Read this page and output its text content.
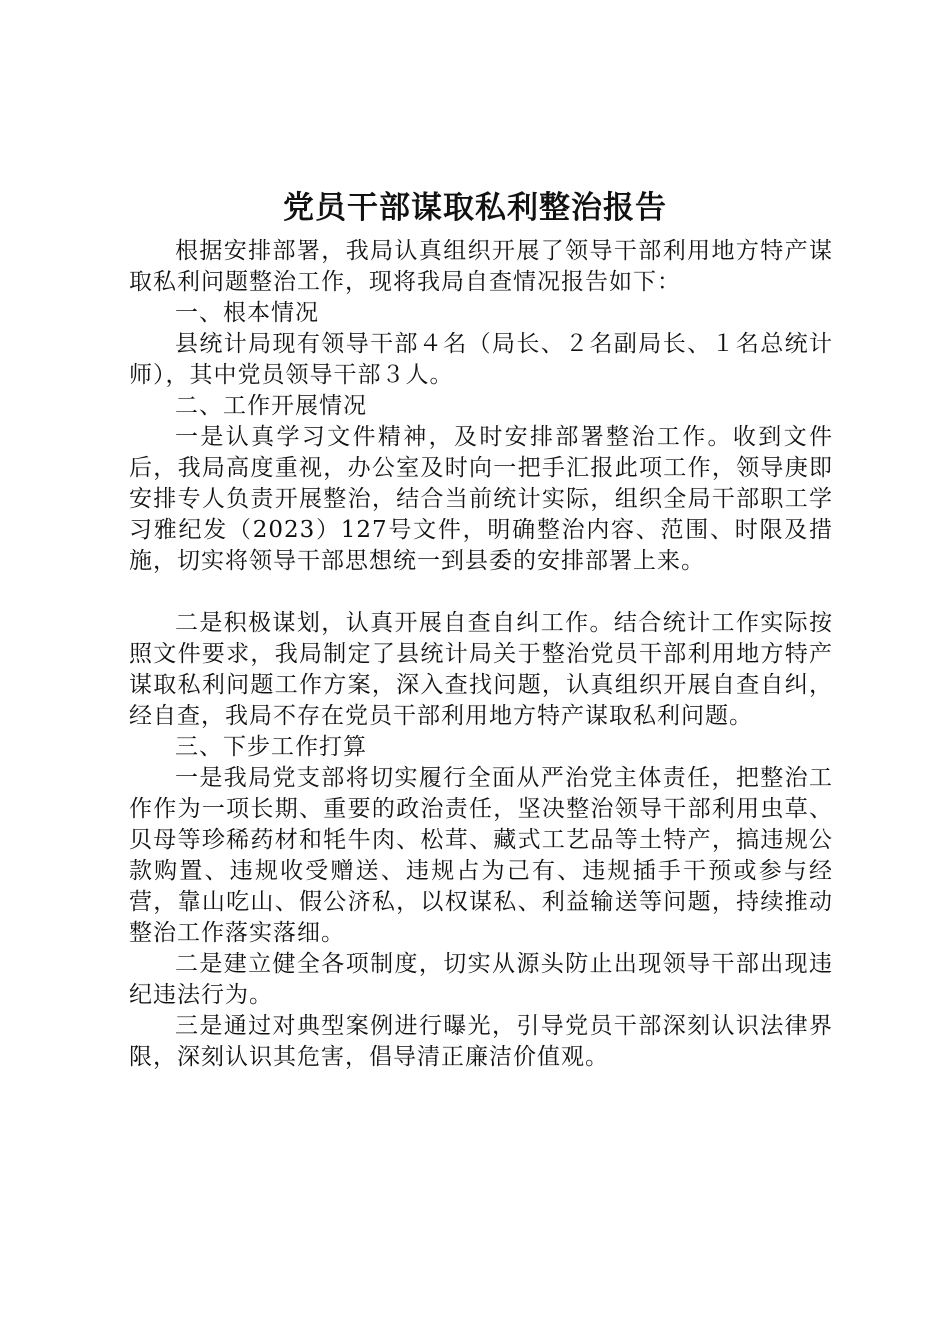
党员干部谋取私利整治报告

根据安排部署，我局认真组织开展了领导干部利用地方特产谋取私利问题整治工作，现将我局自查情况报告如下：

一、根本情况

县统计局现有领导干部４名（局长、２名副局长、１名总统计师），其中党员领导干部３人。

二、工作开展情况

一是认真学习文件精神，及时安排部署整治工作。收到文件后，我局高度重视，办公室及时向一把手汇报此项工作，领导庚即安排专人负责开展整治，结合当前统计实际，组织全局干部职工学习雅纪发（2023）127号文件，明确整治内容、范围、时限及措施，切实将领导干部思想统一到县委的安排部署上来。

二是积极谋划，认真开展自查自纠工作。结合统计工作实际按照文件要求，我局制定了县统计局关于整治党员干部利用地方特产谋取私利问题工作方案，深入查找问题，认真组织开展自查自纠，经自查，我局不存在党员干部利用地方特产谋取私利问题。

三、下步工作打算

一是我局党支部将切实履行全面从严治党主体责任，把整治工作作为一项长期、重要的政治责任，坚决整治领导干部利用虫草、贝母等珍稀药材和牦牛肉、松茸、藏式工艺品等土特产，搞违规公款购置、违规收受赠送、违规占为己有、违规插手干预或参与经营，靠山吃山、假公济私，以权谋私、利益输送等问题，持续推动整治工作落实落细。

二是建立健全各项制度，切实从源头防止出现领导干部出现违纪违法行为。

三是通过对典型案例进行曝光，引导党员干部深刻认识法律界限，深刻认识其危害，倡导清正廉洁价值观。
